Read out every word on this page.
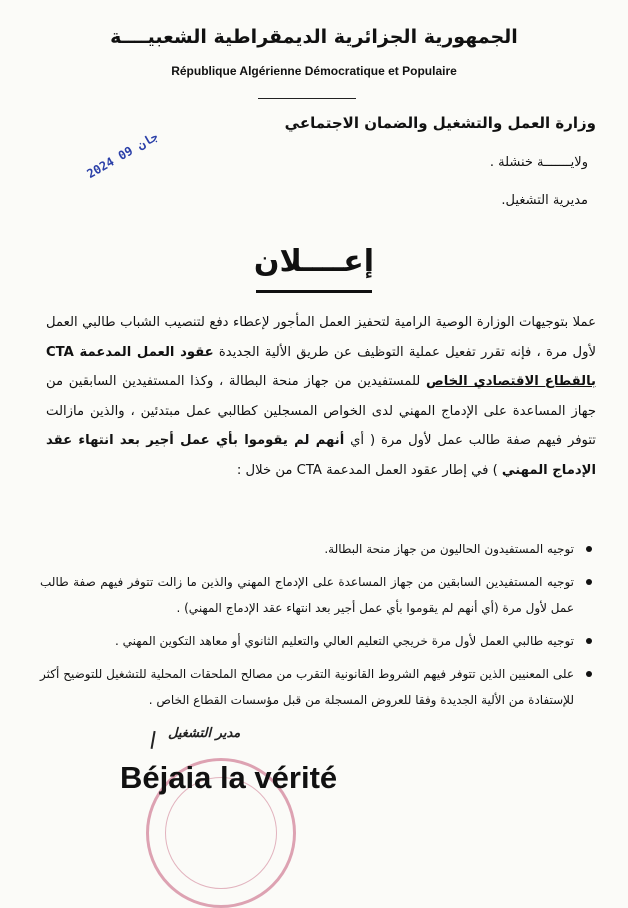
الجمهورية الجزائرية الديمقراطية الشعبيــــة
République Algérienne Démocratique et Populaire
وزارة العمل والتشغيل والضمان الاجتماعي
ولايـــــــة خنشلة .
مديرية التشغيل.
2024 جان 09
إعــــلان
عملا بتوجيهات الوزارة الوصية الرامية لتحفيز العمل المأجور لإعطاء دفع لتنصيب الشباب طالبي العمل لأول مرة ، فإنه تقرر تفعيل عملية التوظيف عن طريق الألية الجديدة عقود العمل المدعمة CTA بالقطاع الاقتصادي الخاص للمستفيدين من جهاز منحة البطالة ، وكذا المستفيدين السابقين من جهاز المساعدة على الإدماج المهني لدى الخواص المسجلين كطالبي عمل مبتدئين ، والذين مازالت تتوفر فيهم صفة طالب عمل لأول مرة ( أي أنهم لم يقوموا بأي عمل أجير بعد انتهاء عقد الإدماج المهني ) في إطار عقود العمل المدعمة CTA من خلال :
توجيه المستفيدون الحاليون من جهاز منحة البطالة.
توجيه المستفيدين السابقين من جهاز المساعدة على الإدماج المهني والذين ما زالت تتوفر فيهم صفة طالب عمل لأول مرة (أي أنهم لم يقوموا بأي عمل أجير بعد انتهاء عقد الإدماج المهني) .
توجيه طالبي العمل لأول مرة خريجي التعليم العالي والتعليم الثانوي أو معاهد التكوين المهني .
على المعنيين الذين تتوفر فيهم الشروط القانونية التقرب من مصالح الملحقات المحلية للتشغيل للتوضيح أكثر للإستفادة من الألية الجديدة وفقا للعروض المسجلة من قبل مؤسسات القطاع الخاص .
مدير التشغيل
Béjaia la vérité
